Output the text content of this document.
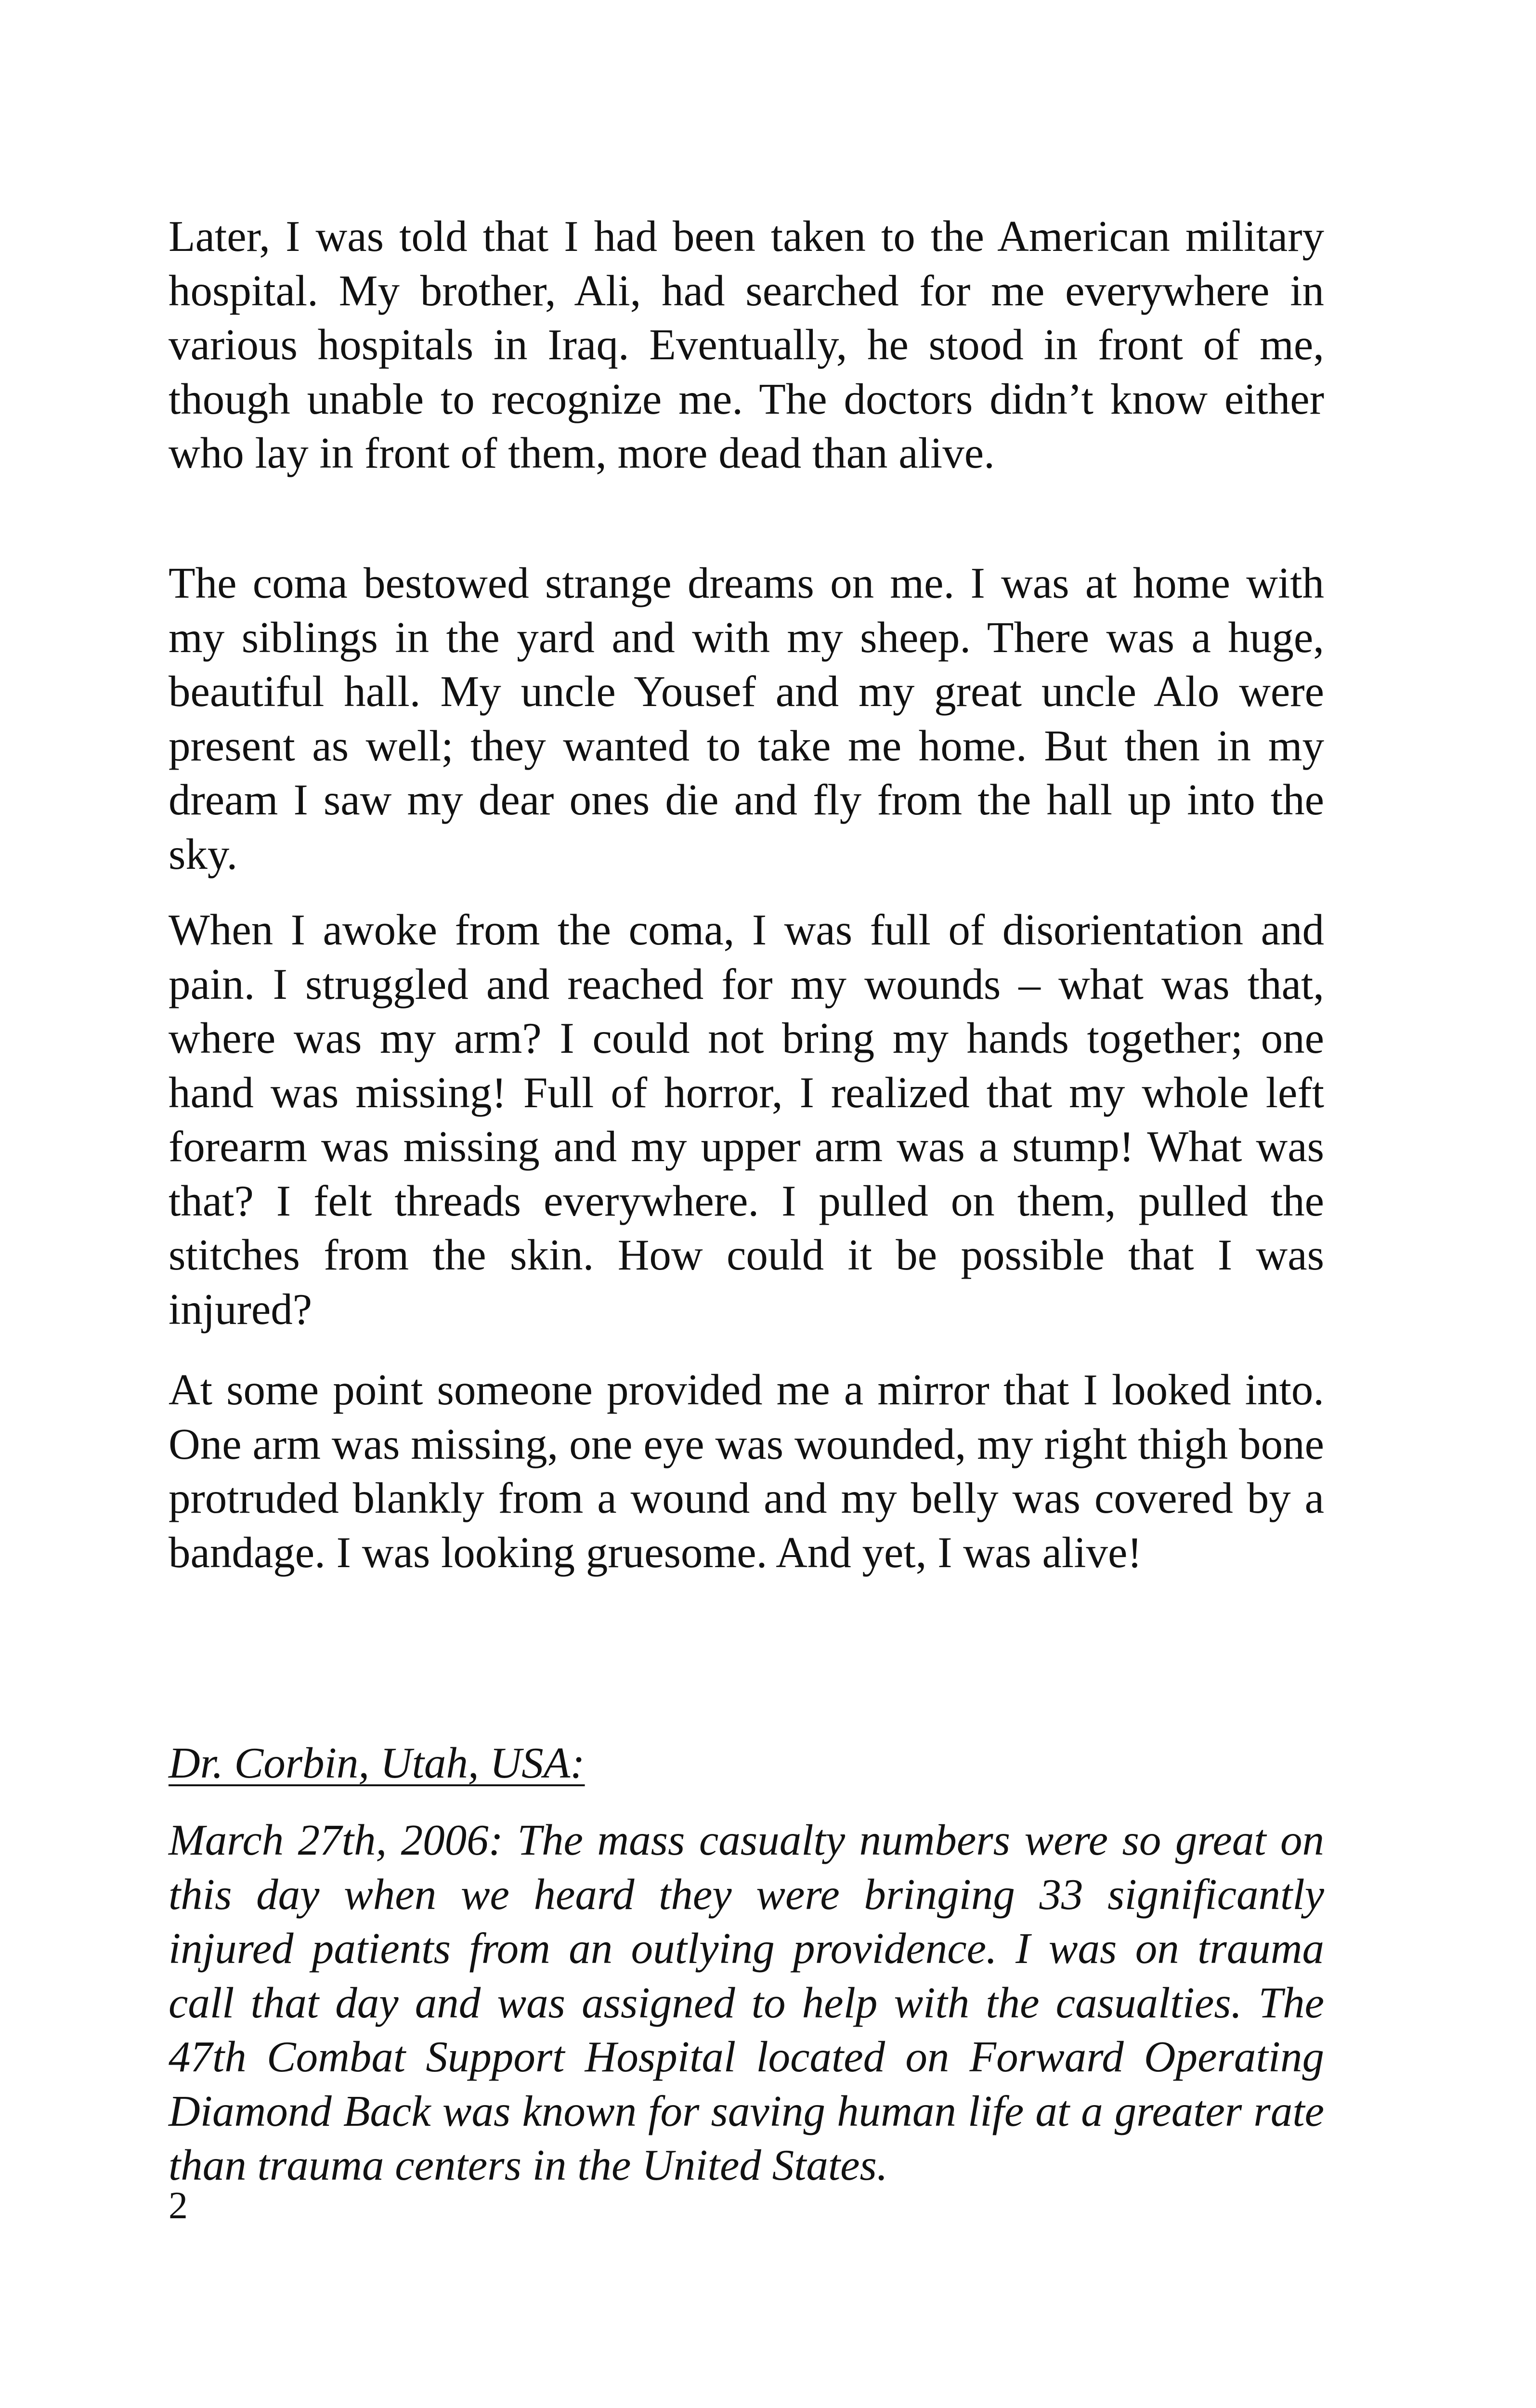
Later, I was told that I had been taken to the American military hospital. My brother, Ali, had searched for me everywhere in various hospitals in Iraq. Eventually, he stood in front of me, though unable to recognize me. The doctors didn’t know either who lay in front of them, more dead than alive.

The coma bestowed strange dreams on me. I was at home with my siblings in the yard and with my sheep. There was a huge, beautiful hall. My uncle Yousef and my great uncle Alo were present as well; they wanted to take me home. But then in my dream I saw my dear ones die and fly from the hall up into the sky.

When I awoke from the coma, I was full of disorientation and pain. I struggled and reached for my wounds – what was that, where was my arm? I could not bring my hands together; one hand was missing! Full of horror, I realized that my whole left forearm was missing and my upper arm was a stump! What was that? I felt threads everywhere. I pulled on them, pulled the stitches from the skin. How could it be possible that I was injured?

At some point someone provided me a mirror that I looked into. One arm was missing, one eye was wounded, my right thigh bone protruded blankly from a wound and my belly was covered by a bandage. I was looking gruesome. And yet, I was alive!

Dr. Corbin, Utah, USA:

March 27th, 2006: The mass casualty numbers were so great on this day when we heard they were bringing 33 significantly injured patients from an outlying providence. I was on trauma call that day and was assigned to help with the casualties. The 47th Combat Support Hospital located on Forward Operating Diamond Back was known for saving human life at a greater rate than trauma centers in the United States.

2
